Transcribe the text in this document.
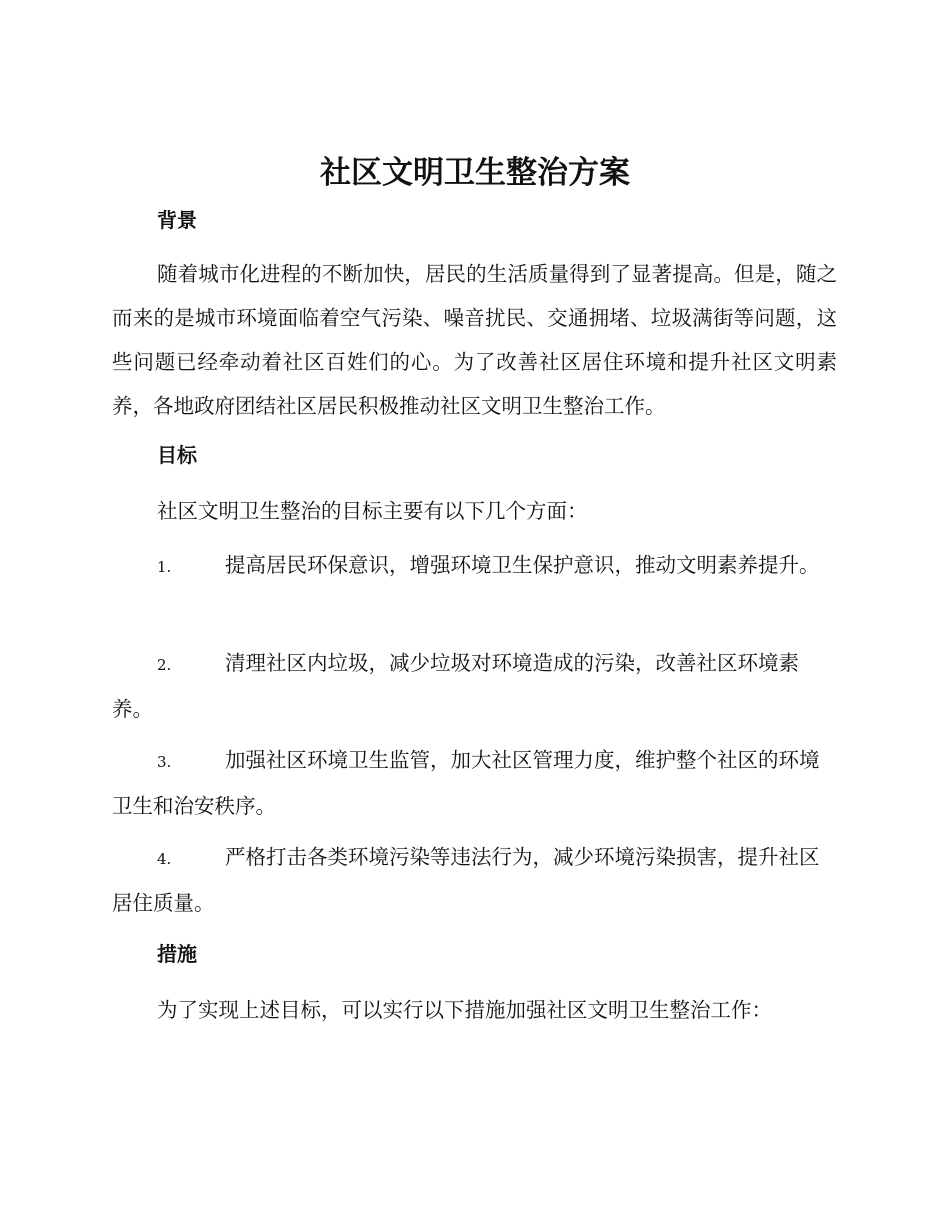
社区文明卫生整治方案
背景

随着城市化进程的不断加快，居民的生活质量得到了显著提高。但是，随之而来的是城市环境面临着空气污染、噪音扰民、交通拥堵、垃圾满街等问题，这些问题已经牵动着社区百姓们的心。为了改善社区居住环境和提升社区文明素养，各地政府团结社区居民积极推动社区文明卫生整治工作。

目标

社区文明卫生整治的目标主要有以下几个方面：

1.	提高居民环保意识，增强环境卫生保护意识，推动文明素养提升。

2.	清理社区内垃圾，减少垃圾对环境造成的污染，改善社区环境素养。

3.	加强社区环境卫生监管，加大社区管理力度，维护整个社区的环境卫生和治安秩序。

4.	严格打击各类环境污染等违法行为，减少环境污染损害，提升社区居住质量。

措施

为了实现上述目标，可以实行以下措施加强社区文明卫生整治工作：
